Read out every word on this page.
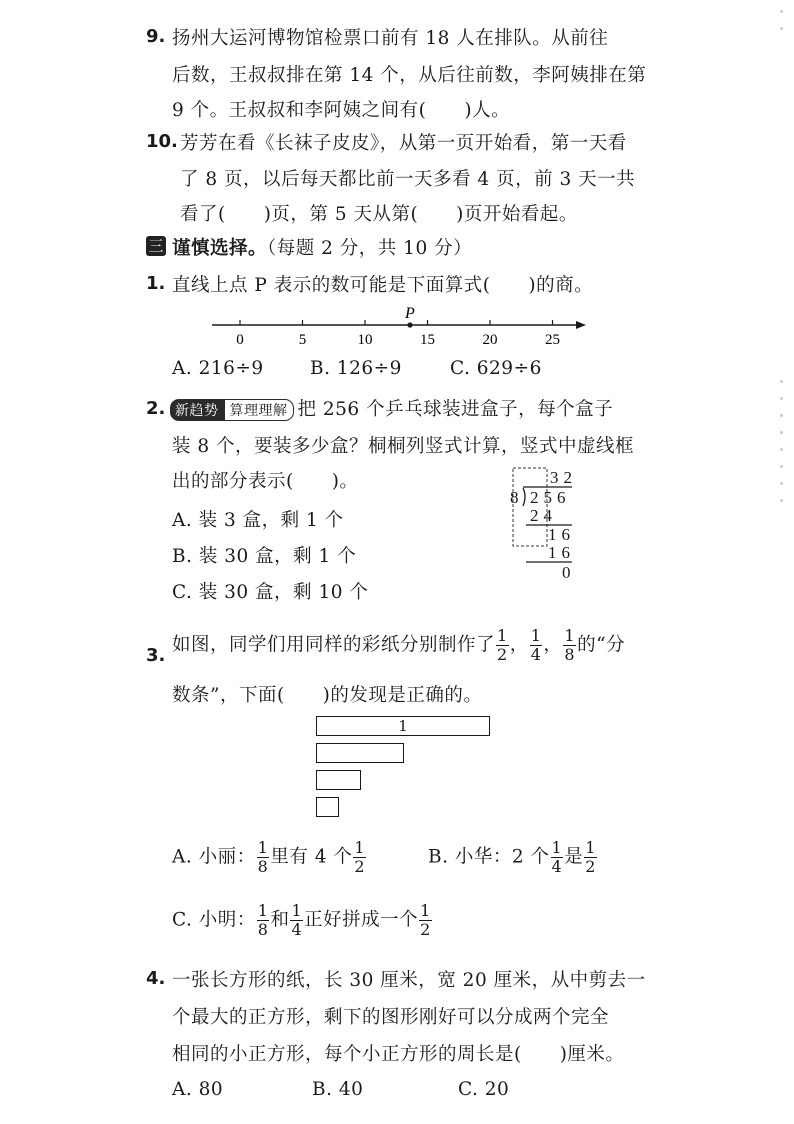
9. 扬州大运河博物馆检票口前有 18 人在排队。从前往
后数，王叔叔排在第 14 个，从后往前数，李阿姨排在第
9 个。王叔叔和李阿姨之间有(　　)人。
10. 芳芳在看《长袜子皮皮》，从第一页开始看，第一天看
了 8 页，以后每天都比前一天多看 4 页，前 3 天一共
看了(　　)页，第 5 天从第(　　)页开始看起。
三 谨慎选择。（每题 2 分，共 10 分）
1. 直线上点 P 表示的数可能是下面算式(　　)的商。
0	5	10	15	20	25
P
A. 216÷9	B. 126÷9	C. 629÷6
2. 新趋势 算理理解 把 256 个乒乓球装进盒子，每个盒子
装 8 个，要装多少盒？桐桐列竖式计算，竖式中虚线框
出的部分表示(　　)。
A. 装 3 盒，剩 1 个
B. 装 30 盒，剩 1 个
C. 装 30 盒，剩 10 个
32
8 256
24
16
16
0
3. 如图，同学们用同样的彩纸分别制作了 $\frac{1}{2}$ ， $\frac{1}{4}$ ， $\frac{1}{8}$ 的“分
数条”，下面(　　)的发现是正确的。
1
A. 小丽： $\frac{1}{8}$ 里有 4 个 $\frac{1}{2}$	B. 小华：2 个 $\frac{1}{4}$ 是 $\frac{1}{2}$
C. 小明： $\frac{1}{8}$ 和 $\frac{1}{4}$ 正好拼成一个 $\frac{1}{2}$
4. 一张长方形的纸，长 30 厘米，宽 20 厘米，从中剪去一
个最大的正方形，剩下的图形刚好可以分成两个完全
相同的小正方形，每个小正方形的周长是(　　)厘米。
A. 80	B. 40	C. 20
